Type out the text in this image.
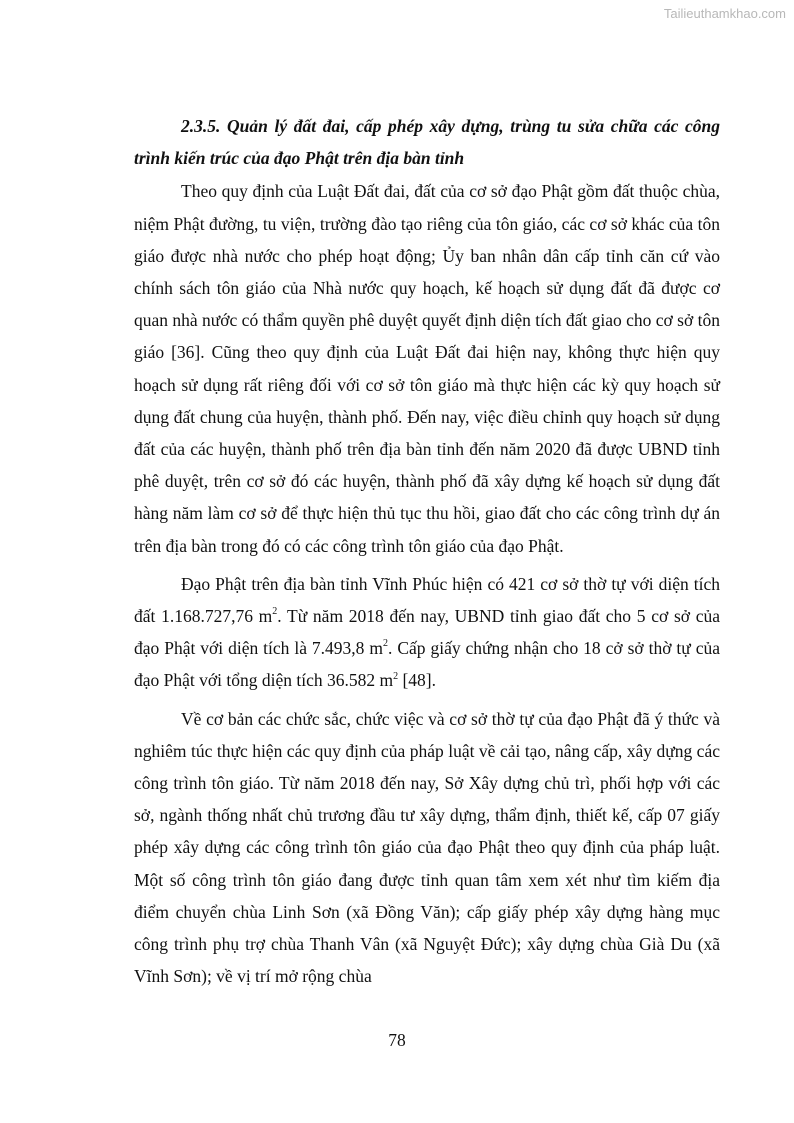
Tailieuthamkhao.com

2.3.5. Quản lý đất đai, cấp phép xây dựng, trùng tu sửa chữa các công trình kiến trúc của đạo Phật trên địa bàn tỉnh

Theo quy định của Luật Đất đai, đất của cơ sở đạo Phật gồm đất thuộc chùa, niệm Phật đường, tu viện, trường đào tạo riêng của tôn giáo, các cơ sở khác của tôn giáo được nhà nước cho phép hoạt động; Ủy ban nhân dân cấp tỉnh căn cứ vào chính sách tôn giáo của Nhà nước quy hoạch, kế hoạch sử dụng đất đã được cơ quan nhà nước có thẩm quyền phê duyệt quyết định diện tích đất giao cho cơ sở tôn giáo [36]. Cũng theo quy định của Luật Đất đai hiện nay, không thực hiện quy hoạch sử dụng rất riêng đối với cơ sở tôn giáo mà thực hiện các kỳ quy hoạch sử dụng đất chung của huyện, thành phố. Đến nay, việc điều chỉnh quy hoạch sử dụng đất của các huyện, thành phố trên địa bàn tỉnh đến năm 2020 đã được UBND tỉnh phê duyệt, trên cơ sở đó các huyện, thành phố đã xây dựng kế hoạch sử dụng đất hàng năm làm cơ sở để thực hiện thủ tục thu hồi, giao đất cho các công trình dự án trên địa bàn trong đó có các công trình tôn giáo của đạo Phật.

Đạo Phật trên địa bàn tỉnh Vĩnh Phúc hiện có 421 cơ sở thờ tự với diện tích đất 1.168.727,76 $m^2$. Từ năm 2018 đến nay, UBND tỉnh giao đất cho 5 cơ sở của đạo Phật với diện tích là 7.493,8 $m^2$. Cấp giấy chứng nhận cho 18 cở sở thờ tự của đạo Phật với tổng diện tích 36.582 $m^2$ [48].

Về cơ bản các chức sắc, chức việc và cơ sở thờ tự của đạo Phật đã ý thức và nghiêm túc thực hiện các quy định của pháp luật về cải tạo, nâng cấp, xây dựng các công trình tôn giáo. Từ năm 2018 đến nay, Sở Xây dựng chủ trì, phối hợp với các sở, ngành thống nhất chủ trương đầu tư xây dựng, thẩm định, thiết kế, cấp 07 giấy phép xây dựng các công trình tôn giáo của đạo Phật theo quy định của pháp luật. Một số công trình tôn giáo đang được tỉnh quan tâm xem xét như tìm kiếm địa điểm chuyển chùa Linh Sơn (xã Đồng Văn); cấp giấy phép xây dựng hàng mục công trình phụ trợ chùa Thanh Vân (xã Nguyệt Đức); xây dựng chùa Già Du (xã Vĩnh Sơn); về vị trí mở rộng chùa

78
